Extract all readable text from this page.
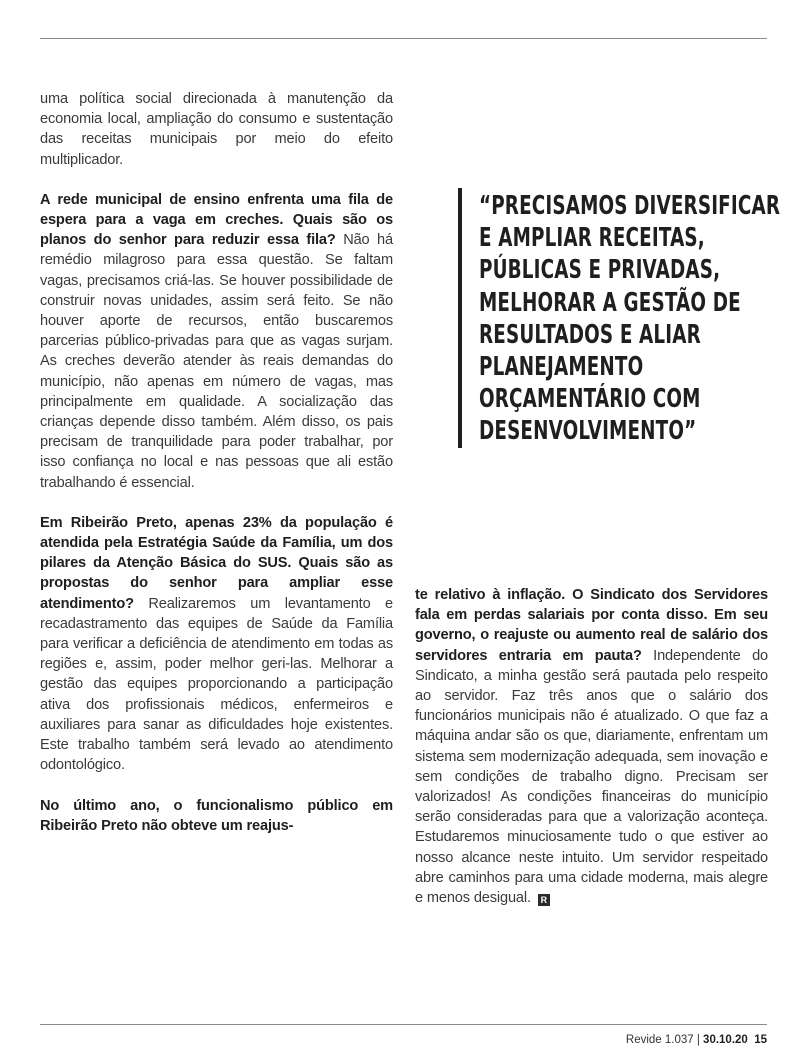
uma política social direcionada à manutenção da economia local, ampliação do consumo e sustentação das receitas municipais por meio do efeito multiplicador.

A rede municipal de ensino enfrenta uma fila de espera para a vaga em creches. Quais são os planos do senhor para reduzir essa fila? Não há remédio milagroso para essa questão. Se faltam vagas, precisamos criá-las. Se houver possibilidade de construir novas unidades, assim será feito. Se não houver aporte de recursos, então buscaremos parcerias público-privadas para que as vagas surjam. As creches deverão atender às reais demandas do município, não apenas em número de vagas, mas principalmente em qualidade. A socialização das crianças depende disso também. Além disso, os pais precisam de tranquilidade para poder trabalhar, por isso confiança no local e nas pessoas que ali estão trabalhando é essencial.

Em Ribeirão Preto, apenas 23% da população é atendida pela Estratégia Saúde da Família, um dos pilares da Atenção Básica do SUS. Quais são as propostas do senhor para ampliar esse atendimento? Realizaremos um levantamento e recadastramento das equipes de Saúde da Família para verificar a deficiência de atendimento em todas as regiões e, assim, poder melhor geri-las. Melhorar a gestão das equipes proporcionando a participação ativa dos profissionais médicos, enfermeiros e auxiliares para sanar as dificuldades hoje existentes. Este trabalho também será levado ao atendimento odontológico.

No último ano, o funcionalismo público em Ribeirão Preto não obteve um reajus-

“PRECISAMOS DIVERSIFICAR E AMPLIAR RECEITAS, PÚBLICAS E PRIVADAS, MELHORAR A GESTÃO DE RESULTADOS E ALIAR PLANEJAMENTO ORÇAMENTÁRIO COM DESENVOLVIMENTO”

te relativo à inflação. O Sindicato dos Servidores fala em perdas salariais por conta disso. Em seu governo, o reajuste ou aumento real de salário dos servidores entraria em pauta? Independente do Sindicato, a minha gestão será pautada pelo respeito ao servidor. Faz três anos que o salário dos funcionários municipais não é atualizado. O que faz a máquina andar são os que, diariamente, enfrentam um sistema sem modernização adequada, sem inovação e sem condições de trabalho digno. Precisam ser valorizados! As condições financeiras do município serão consideradas para que a valorização aconteça. Estudaremos minuciosamente tudo o que estiver ao nosso alcance neste intuito. Um servidor respeitado abre caminhos para uma cidade moderna, mais alegre e menos desigual. R

Revide 1.037 | 30.10.20 15
